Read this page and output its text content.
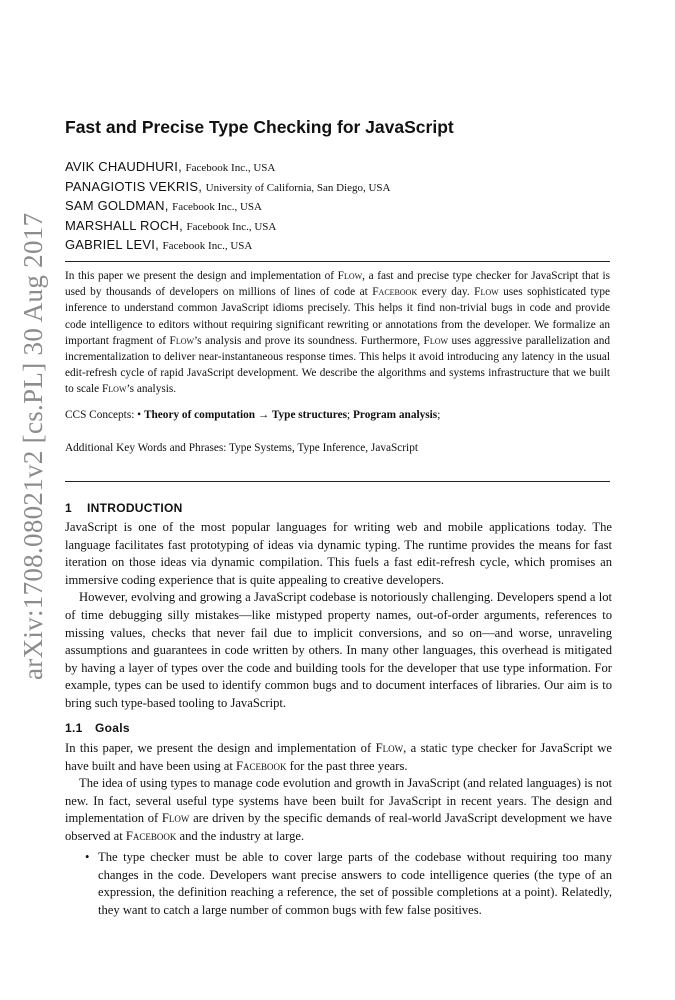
arXiv:1708.08021v2 [cs.PL] 30 Aug 2017
Fast and Precise Type Checking for JavaScript
AVIK CHAUDHURI, Facebook Inc., USA
PANAGIOTIS VEKRIS, University of California, San Diego, USA
SAM GOLDMAN, Facebook Inc., USA
MARSHALL ROCH, Facebook Inc., USA
GABRIEL LEVI, Facebook Inc., USA
In this paper we present the design and implementation of Flow, a fast and precise type checker for JavaScript that is used by thousands of developers on millions of lines of code at Facebook every day. Flow uses sophisticated type inference to understand common JavaScript idioms precisely. This helps it find non-trivial bugs in code and provide code intelligence to editors without requiring significant rewriting or annotations from the developer. We formalize an important fragment of Flow’s analysis and prove its soundness. Furthermore, Flow uses aggressive parallelization and incrementalization to deliver near-instantaneous response times. This helps it avoid introducing any latency in the usual edit-refresh cycle of rapid JavaScript development. We describe the algorithms and systems infrastructure that we built to scale Flow’s analysis.
CCS Concepts: • Theory of computation → Type structures; Program analysis;
Additional Key Words and Phrases: Type Systems, Type Inference, JavaScript
1 INTRODUCTION

JavaScript is one of the most popular languages for writing web and mobile applications today. The language facilitates fast prototyping of ideas via dynamic typing. The runtime provides the means for fast iteration on those ideas via dynamic compilation. This fuels a fast edit-refresh cycle, which promises an immersive coding experience that is quite appealing to creative developers.

However, evolving and growing a JavaScript codebase is notoriously challenging. Developers spend a lot of time debugging silly mistakes—like mistyped property names, out-of-order arguments, references to missing values, checks that never fail due to implicit conversions, and so on—and worse, unraveling assumptions and guarantees in code written by others. In many other languages, this overhead is mitigated by having a layer of types over the code and building tools for the developer that use type information. For example, types can be used to identify common bugs and to document interfaces of libraries. Our aim is to bring such type-based tooling to JavaScript.

1.1 Goals

In this paper, we present the design and implementation of Flow, a static type checker for JavaScript we have built and have been using at Facebook for the past three years.

The idea of using types to manage code evolution and growth in JavaScript (and related languages) is not new. In fact, several useful type systems have been built for JavaScript in recent years. The design and implementation of Flow are driven by the specific demands of real-world JavaScript development we have observed at Facebook and the industry at large.

• The type checker must be able to cover large parts of the codebase without requiring too many changes in the code. Developers want precise answers to code intelligence queries (the type of an expression, the definition reaching a reference, the set of possible completions at a point). Relatedly, they want to catch a large number of common bugs with few false positives.
